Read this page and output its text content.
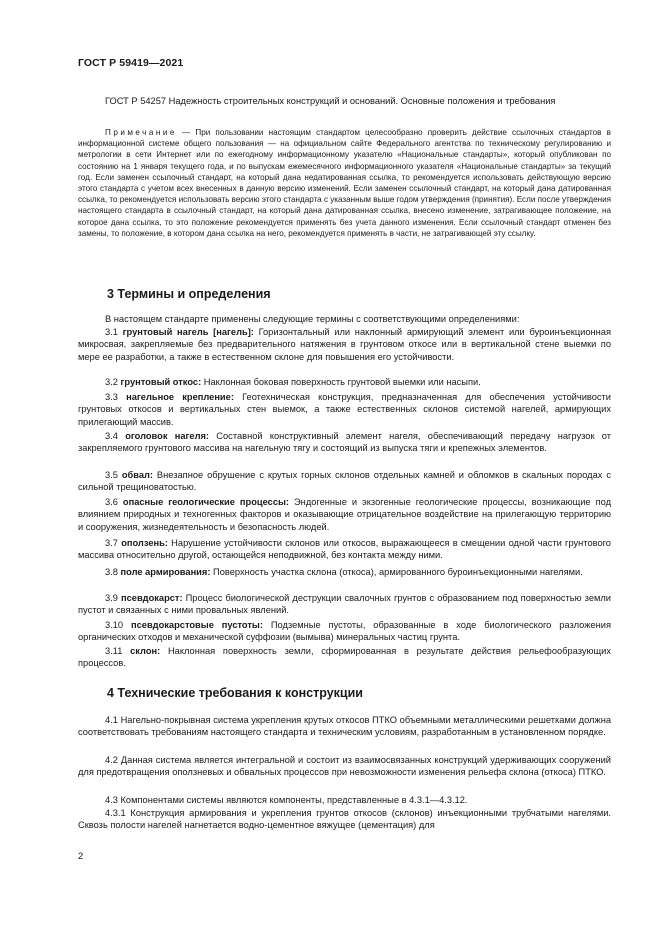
ГОСТ Р 59419—2021
ГОСТ Р 54257 Надежность строительных конструкций и оснований. Основные положения и требования
Примечание — При пользовании настоящим стандартом целесообразно проверить действие ссылочных стандартов в информационной системе общего пользования — на официальном сайте Федерального агентства по техническому регулированию и метрологии в сети Интернет или по ежегодному информационному указателю «Национальные стандарты», который опубликован по состоянию на 1 января текущего года, и по выпускам ежемесячного информационного указателя «Национальные стандарты» за текущий год. Если заменен ссылочный стандарт, на который дана недатированная ссылка, то рекомендуется использовать действующую версию этого стандарта с учетом всех внесенных в данную версию изменений. Если заменен ссылочный стандарт, на который дана датированная ссылка, то рекомендуется использовать версию этого стандарта с указанным выше годом утверждения (принятия). Если после утверждения настоящего стандарта в ссылочный стандарт, на который дана датированная ссылка, внесено изменение, затрагивающее положение, на которое дана ссылка, то это положение рекомендуется применять без учета данного изменения. Если ссылочный стандарт отменен без замены, то положение, в котором дана ссылка на него, рекомендуется применять в части, не затрагивающей эту ссылку.
3 Термины и определения
В настоящем стандарте применены следующие термины с соответствующими определениями:
3.1 грунтовый нагель [нагель]: Горизонтальный или наклонный армирующий элемент или буроинъекционная микросвая, закрепляемые без предварительного натяжения в грунтовом откосе или в вертикальной стене выемки по мере ее разработки, а также в естественном склоне для повышения его устойчивости.
3.2 грунтовый откос: Наклонная боковая поверхность грунтовой выемки или насыпи.
3.3 нагельное крепление: Геотехническая конструкция, предназначенная для обеспечения устойчивости грунтовых откосов и вертикальных стен выемок, а также естественных склонов системой нагелей, армирующих прилегающий массив.
3.4 оголовок нагеля: Составной конструктивный элемент нагеля, обеспечивающий передачу нагрузок от закрепляемого грунтового массива на нагельную тягу и состоящий из выпуска тяги и крепежных элементов.
3.5 обвал: Внезапное обрушение с крутых горных склонов отдельных камней и обломков в скальных породах с сильной трещиноватостью.
3.6 опасные геологические процессы: Эндогенные и экзогенные геологические процессы, возникающие под влиянием природных и техногенных факторов и оказывающие отрицательное воздействие на прилегающую территорию и сооружения, жизнедеятельность и безопасность людей.
3.7 оползень: Нарушение устойчивости склонов или откосов, выражающееся в смещении одной части грунтового массива относительно другой, остающейся неподвижной, без контакта между ними.
3.8 поле армирования: Поверхность участка склона (откоса), армированного буроинъекционными нагелями.
3.9 псевдокарст: Процесс биологической деструкции свалочных грунтов с образованием под поверхностью земли пустот и связанных с ними провальных явлений.
3.10 псевдокарстовые пустоты: Подземные пустоты, образованные в ходе биологического разложения органических отходов и механической суффозии (вымыва) минеральных частиц грунта.
3.11 склон: Наклонная поверхность земли, сформированная в результате действия рельефообразующих процессов.
4 Технические требования к конструкции
4.1 Нагельно-покрывная система укрепления крутых откосов ПТКО объемными металлическими решетками должна соответствовать требованиям настоящего стандарта и техническим условиям, разработанным в установленном порядке.
4.2 Данная система является интегральной и состоит из взаимосвязанных конструкций удерживающих сооружений для предотвращения оползневых и обвальных процессов при невозможности изменения рельефа склона (откоса) ПТКО.
4.3 Компонентами системы являются компоненты, представленные в 4.3.1—4.3.12.
4.3.1 Конструкция армирования и укрепления грунтов откосов (склонов) инъекционными трубчатыми нагелями. Сквозь полости нагелей нагнетается водно-цементное вяжущее (цементация) для
2
